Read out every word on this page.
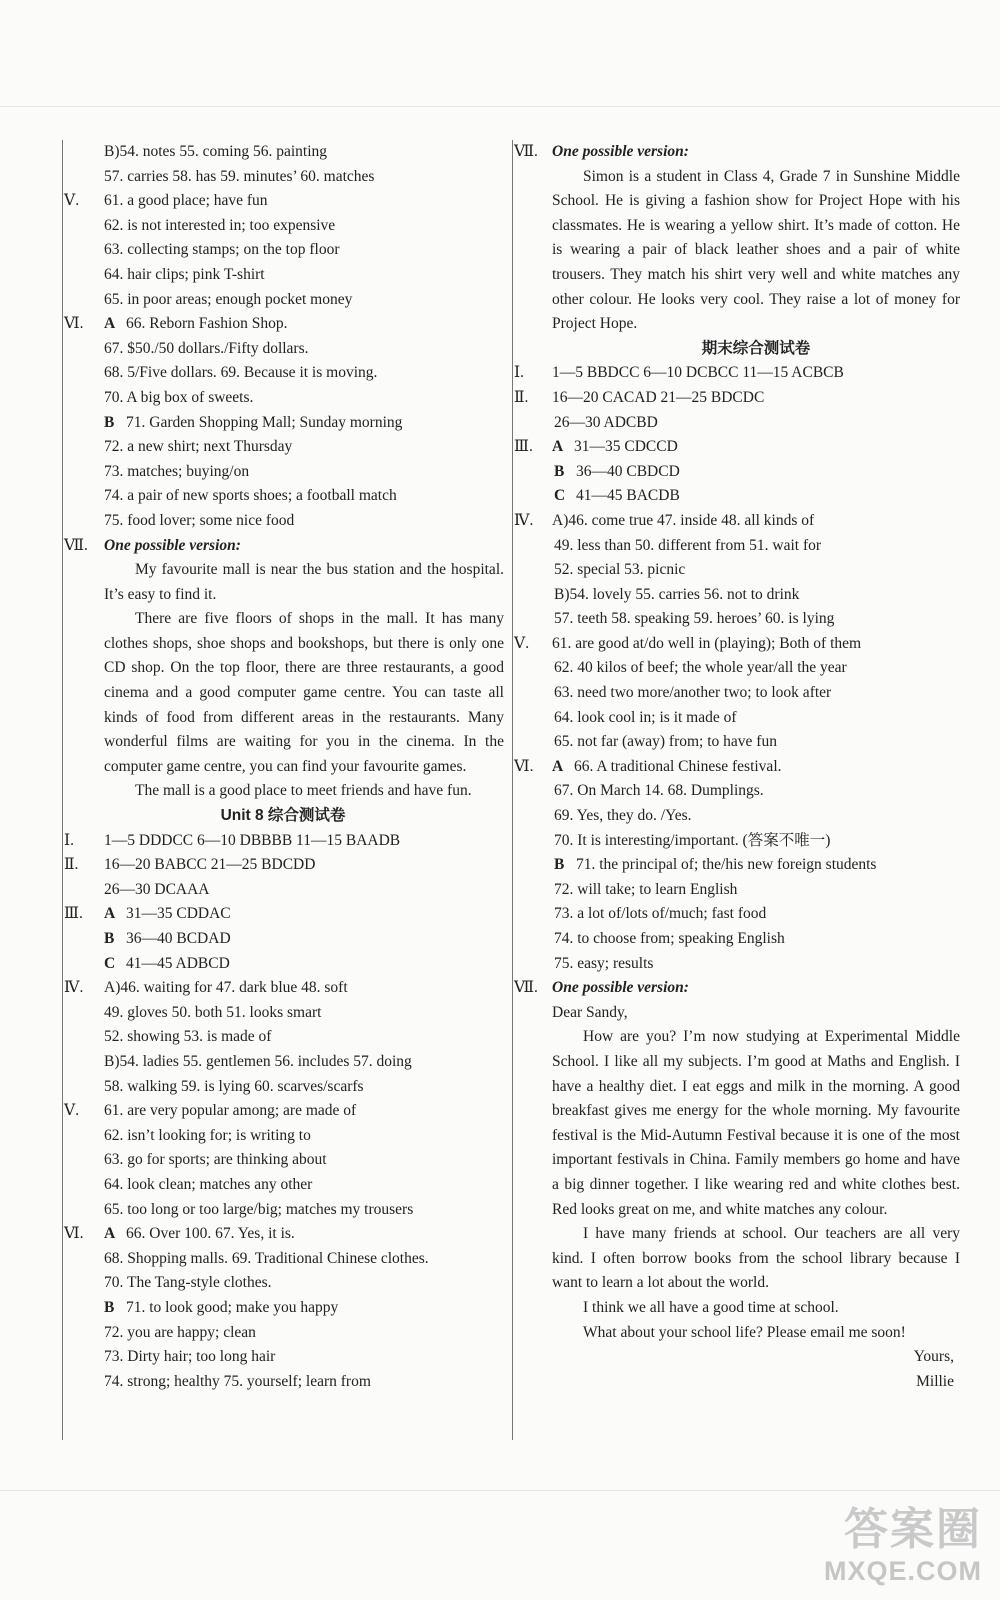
B)54. notes 55. coming 56. painting
57. carries 58. has 59. minutes’ 60. matches
Ⅴ. 61. a good place; have fun
62. is not interested in; too expensive
63. collecting stamps; on the top floor
64. hair clips; pink T-shirt
65. in poor areas; enough pocket money
Ⅵ. A 66. Reborn Fashion Shop.
67. $50./50 dollars./Fifty dollars.
68. 5/Five dollars. 69. Because it is moving.
70. A big box of sweets.
B 71. Garden Shopping Mall; Sunday morning
72. a new shirt; next Thursday
73. matches; buying/on
74. a pair of new sports shoes; a football match
75. food lover; some nice food
Ⅶ. One possible version:
My favourite mall is near the bus station and the hospital. It’s easy to find it.
There are five floors of shops in the mall. It has many clothes shops, shoe shops and bookshops, but there is only one CD shop. On the top floor, there are three restaurants, a good cinema and a good computer game centre. You can taste all kinds of food from different areas in the restaurants. Many wonderful films are waiting for you in the cinema. In the computer game centre, you can find your favourite games.
The mall is a good place to meet friends and have fun.
Unit 8 综合测试卷
Ⅰ. 1—5 DDDCC 6—10 DBBBB 11—15 BAADB
Ⅱ. 16—20 BABCC 21—25 BDCDD
26—30 DCAAA
Ⅲ. A 31—35 CDDAC
B 36—40 BCDAD
C 41—45 ADBCD
Ⅳ. A)46. waiting for 47. dark blue 48. soft
49. gloves 50. both 51. looks smart
52. showing 53. is made of
B)54. ladies 55. gentlemen 56. includes 57. doing
58. walking 59. is lying 60. scarves/scarfs
Ⅴ. 61. are very popular among; are made of
62. isn’t looking for; is writing to
63. go for sports; are thinking about
64. look clean; matches any other
65. too long or too large/big; matches my trousers
Ⅵ. A 66. Over 100. 67. Yes, it is.
68. Shopping malls. 69. Traditional Chinese clothes.
70. The Tang-style clothes.
B 71. to look good; make you happy
72. you are happy; clean
73. Dirty hair; too long hair
74. strong; healthy 75. yourself; learn from
Ⅶ. One possible version:
Simon is a student in Class 4, Grade 7 in Sunshine Middle School. He is giving a fashion show for Project Hope with his classmates. He is wearing a yellow shirt. It’s made of cotton. He is wearing a pair of black leather shoes and a pair of white trousers. They match his shirt very well and white matches any other colour. He looks very cool. They raise a lot of money for Project Hope.
期末综合测试卷
Ⅰ. 1—5 BBDCC 6—10 DCBCC 11—15 ACBCB
Ⅱ. 16—20 CACAD 21—25 BDCDC
26—30 ADCBD
Ⅲ. A 31—35 CDCCD
B 36—40 CBDCD
C 41—45 BACDB
Ⅳ. A)46. come true 47. inside 48. all kinds of
49. less than 50. different from 51. wait for
52. special 53. picnic
B)54. lovely 55. carries 56. not to drink
57. teeth 58. speaking 59. heroes’ 60. is lying
Ⅴ. 61. are good at/do well in (playing); Both of them
62. 40 kilos of beef; the whole year/all the year
63. need two more/another two; to look after
64. look cool in; is it made of
65. not far (away) from; to have fun
Ⅵ. A 66. A traditional Chinese festival.
67. On March 14. 68. Dumplings.
69. Yes, they do. /Yes.
70. It is interesting/important. (答案不唯一)
B 71. the principal of; the/his new foreign students
72. will take; to learn English
73. a lot of/lots of/much; fast food
74. to choose from; speaking English
75. easy; results
Ⅶ. One possible version:
Dear Sandy,
How are you? I’m now studying at Experimental Middle School. I like all my subjects. I’m good at Maths and English. I have a healthy diet. I eat eggs and milk in the morning. A good breakfast gives me energy for the whole morning. My favourite festival is the Mid-Autumn Festival because it is one of the most important festivals in China. Family members go home and have a big dinner together. I like wearing red and white clothes best. Red looks great on me, and white matches any colour.
I have many friends at school. Our teachers are all very kind. I often borrow books from the school library because I want to learn a lot about the world.
I think we all have a good time at school.
What about your school life? Please email me soon!
Yours,
Millie
答案圈
MXQE.COM
